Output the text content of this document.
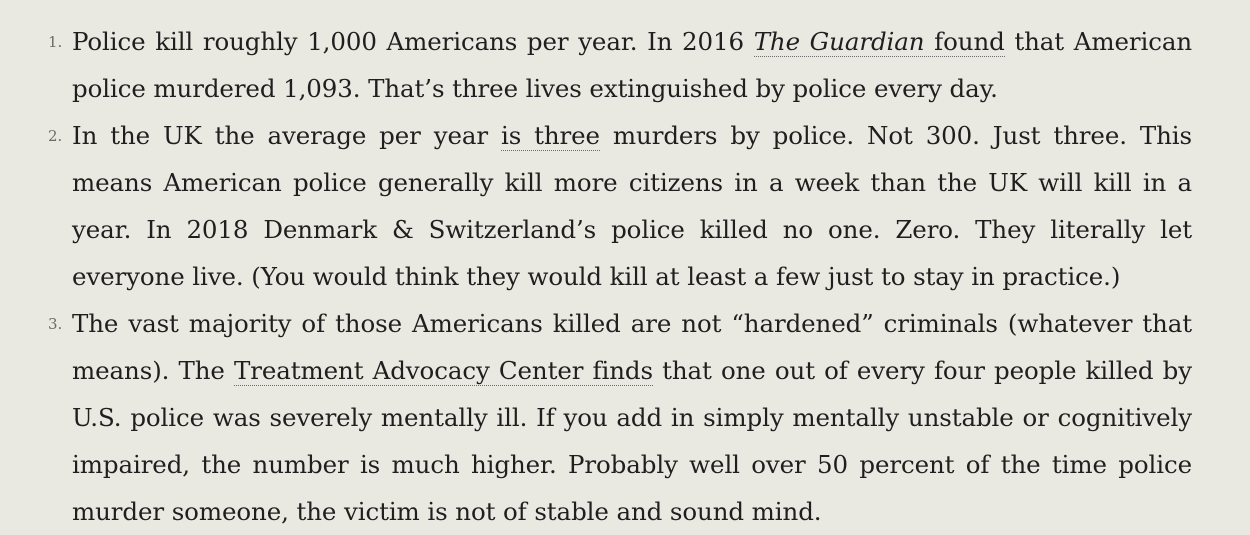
1. Police kill roughly 1,000 Americans per year. In 2016 The Guardian found that American police murdered 1,093. That’s three lives extinguished by police every day.
2. In the UK the average per year is three murders by police. Not 300. Just three. This means American police generally kill more citizens in a week than the UK will kill in a year. In 2018 Denmark & Switzerland’s police killed no one. Zero. They literally let everyone live. (You would think they would kill at least a few just to stay in practice.)
3. The vast majority of those Americans killed are not “hardened” criminals (whatever that means). The Treatment Advocacy Center finds that one out of every four people killed by U.S. police was severely mentally ill. If you add in simply mentally unstable or cognitively impaired, the number is much higher. Probably well over 50 percent of the time police murder someone, the victim is not of stable and sound mind.
